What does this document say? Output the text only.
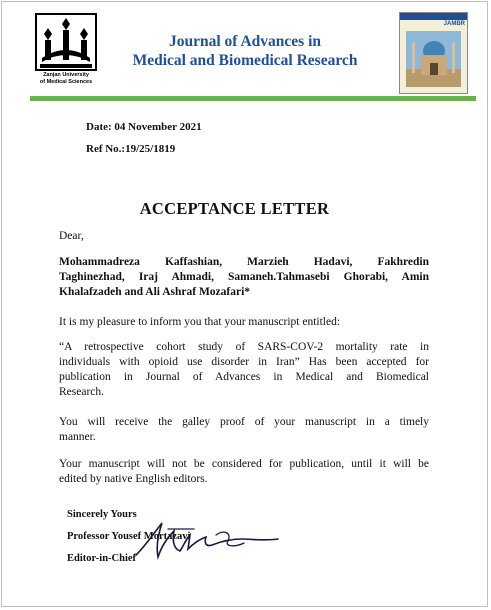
Zanjan University
of Medical Sciences
Journal of Advances in
Medical and Biomedical Research
JAMBR
Date: 04 November 2021
Ref No.:19/25/1819
ACCEPTANCE LETTER
Dear,
Mohammadreza Kaffashian, Marzieh Hadavi, Fakhredin
Taghinezhad, Iraj Ahmadi, Samaneh.Tahmasebi Ghorabi, Amin
Khalafzadeh and Ali Ashraf Mozafari*
It is my pleasure to inform you that your manuscript entitled:
“A retrospective cohort study of SARS-COV-2 mortality rate in
individuals with opioid use disorder in Iran” Has been accepted for
publication in Journal of Advances in Medical and Biomedical
Research.
You will receive the galley proof of your manuscript in a timely
manner.
Your manuscript will not be considered for publication, until it will be
edited by native English editors.
Sincerely Yours
Professor Yousef Mortazavi
Editor-in-Chief
